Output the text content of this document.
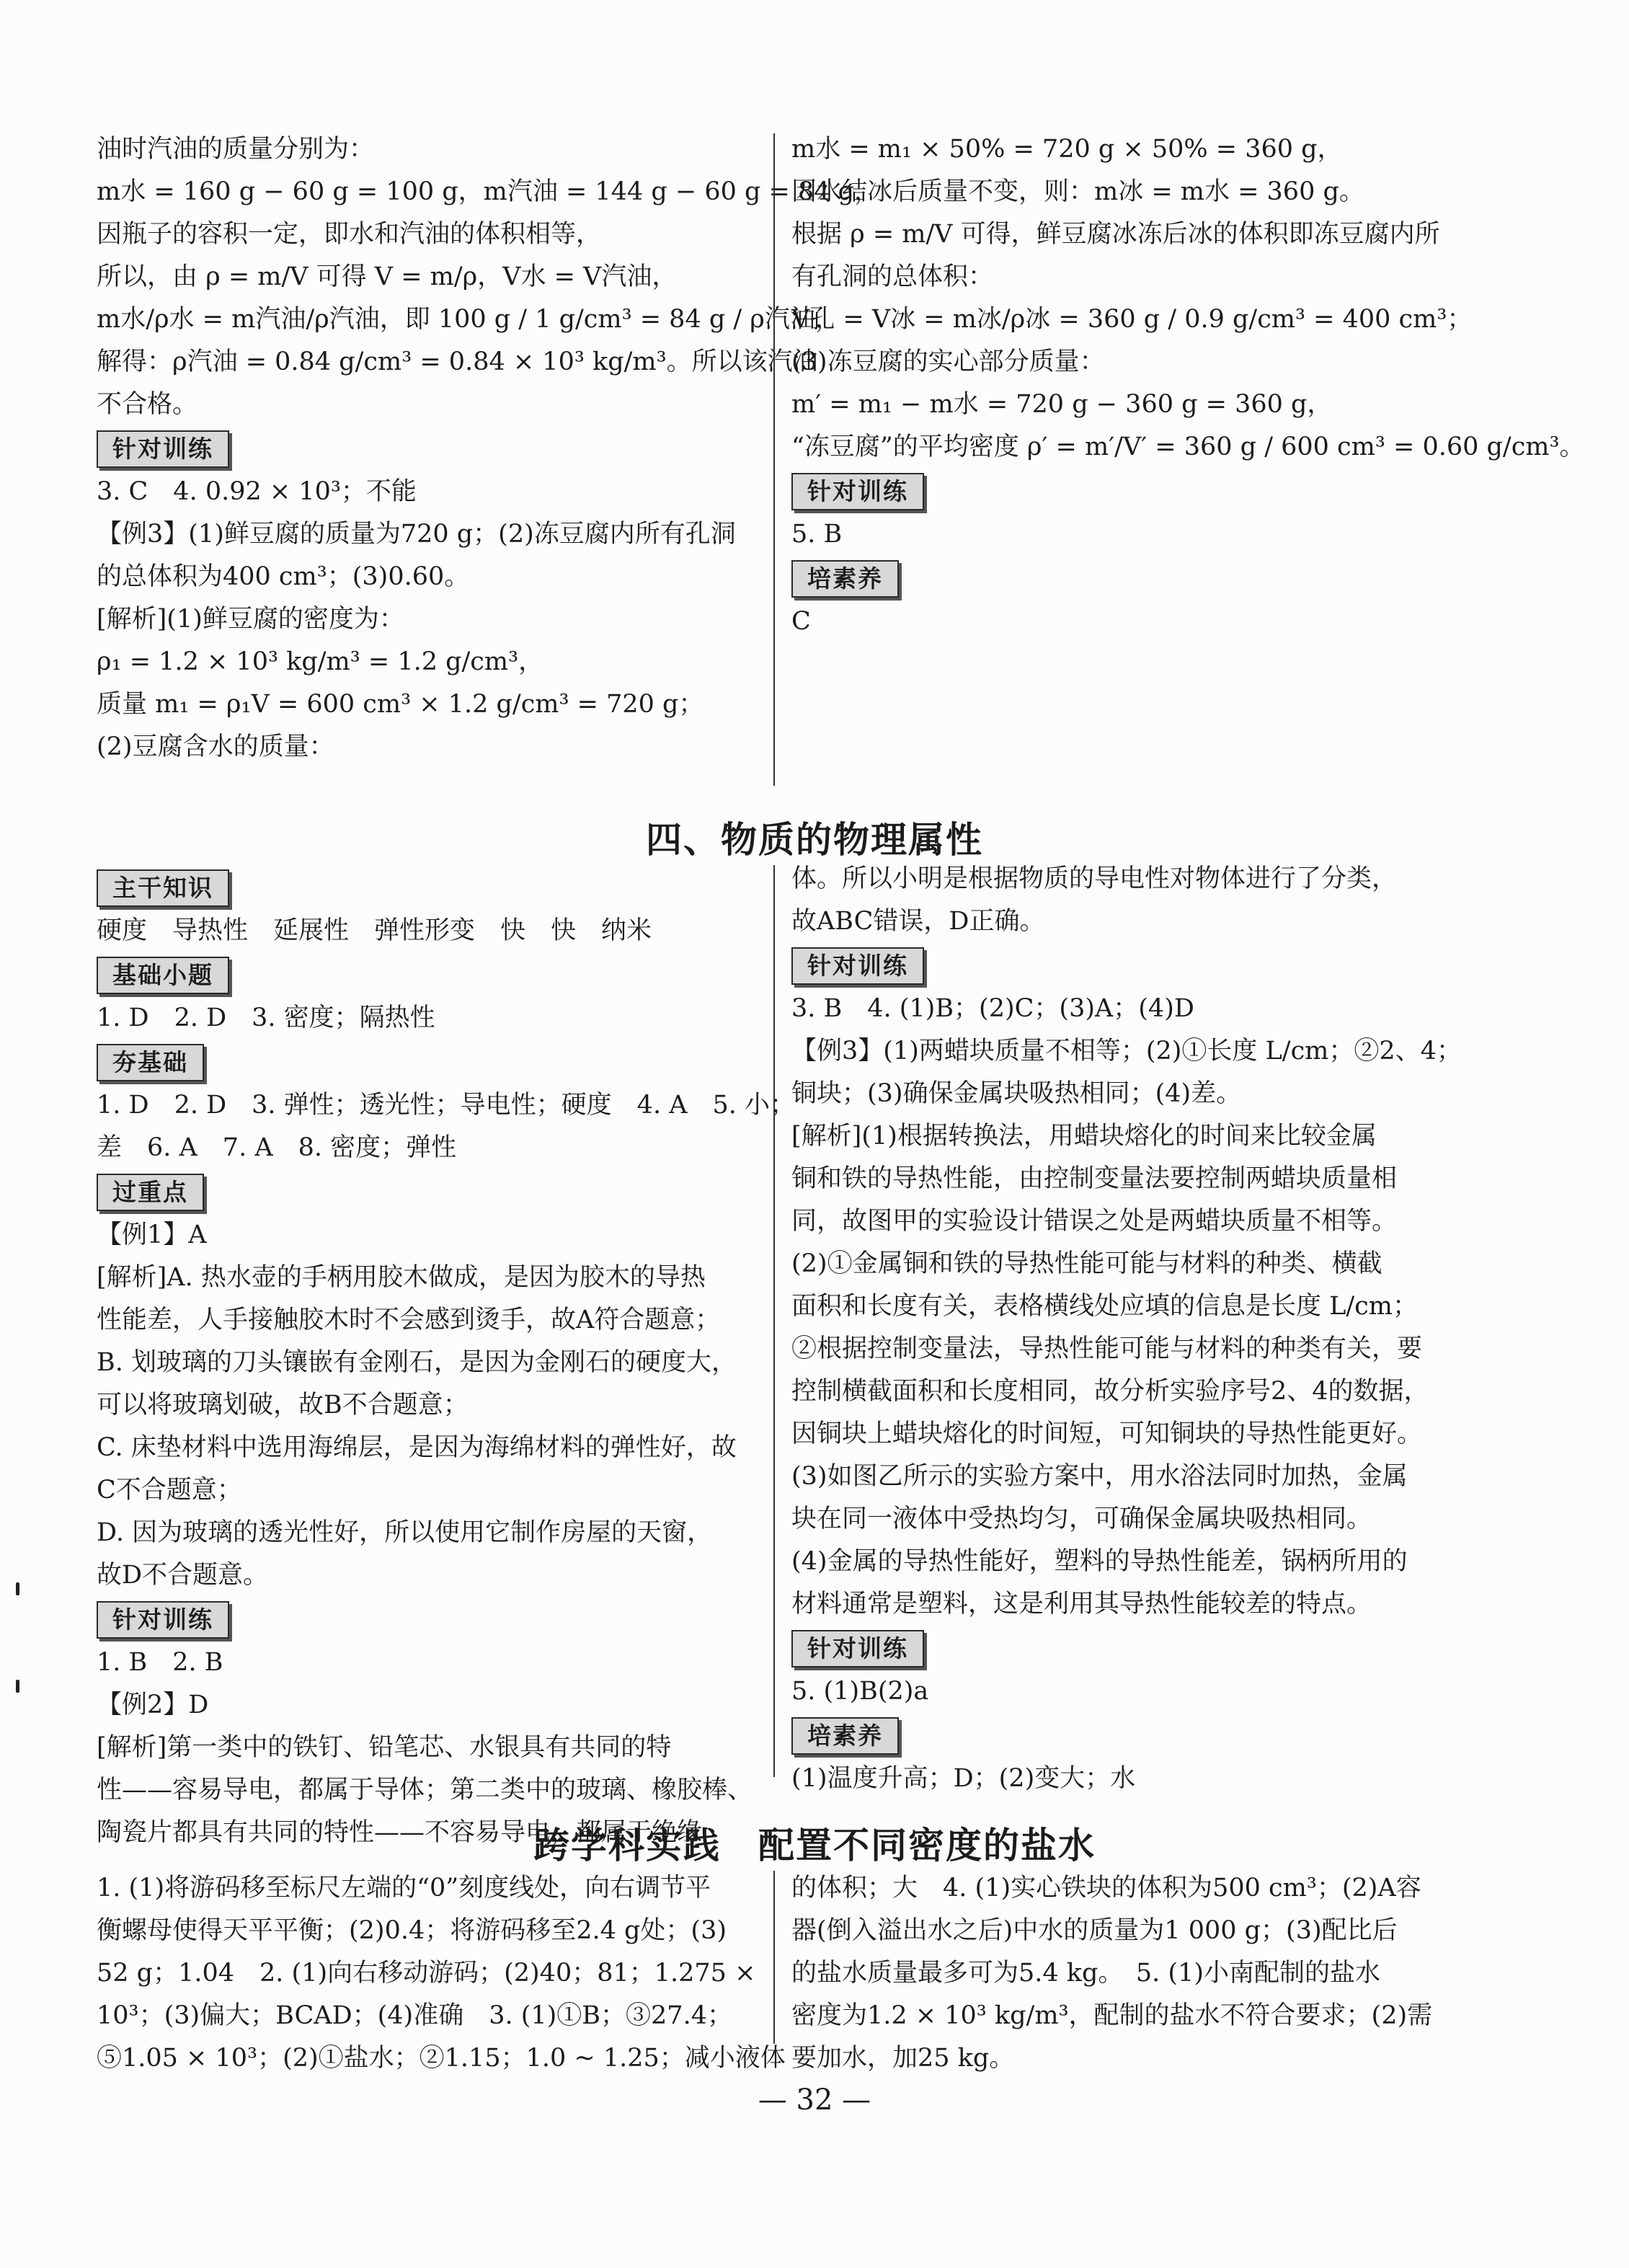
油时汽油的质量分别为：

m水 = 160 g − 60 g = 100 g，m汽油 = 144 g − 60 g = 84 g，

因瓶子的容积一定，即水和汽油的体积相等，

所以，由 ρ = m/V 可得 V = m/ρ，V水 = V汽油，

m水/ρ水 = m汽油/ρ汽油，即 100 g / 1 g/cm³ = 84 g / ρ汽油，

解得：ρ汽油 = 0.84 g/cm³ = 0.84 × 10³ kg/m³。所以该汽油

不合格。

针对训练

3. C　4. 0.92 × 10³；不能

【例3】(1)鲜豆腐的质量为720 g；(2)冻豆腐内所有孔洞

的总体积为400 cm³；(3)0.60。

[解析](1)鲜豆腐的密度为：

ρ₁ = 1.2 × 10³ kg/m³ = 1.2 g/cm³，

质量 m₁ = ρ₁V = 600 cm³ × 1.2 g/cm³ = 720 g；

(2)豆腐含水的质量：

m水 = m₁ × 50% = 720 g × 50% = 360 g，

因水结冰后质量不变，则：m冰 = m水 = 360 g。

根据 ρ = m/V 可得，鲜豆腐冰冻后冰的体积即冻豆腐内所

有孔洞的总体积：

V孔 = V冰 = m冰/ρ冰 = 360 g / 0.9 g/cm³ = 400 cm³；

(3)冻豆腐的实心部分质量：

m′ = m₁ − m水 = 720 g − 360 g = 360 g，

“冻豆腐”的平均密度 ρ′ = m′/V′ = 360 g / 600 cm³ = 0.60 g/cm³。

针对训练

5. B

培素养

C

四、物质的物理属性
主干知识

硬度　导热性　延展性　弹性形变　快　快　纳米

基础小题

1. D　2. D　3. 密度；隔热性

夯基础

1. D　2. D　3. 弹性；透光性；导电性；硬度　4. A　5. 小；

差　6. A　7. A　8. 密度；弹性

过重点

【例1】A

[解析]A. 热水壶的手柄用胶木做成，是因为胶木的导热

性能差，人手接触胶木时不会感到烫手，故A符合题意；

B. 划玻璃的刀头镶嵌有金刚石，是因为金刚石的硬度大，

可以将玻璃划破，故B不合题意；

C. 床垫材料中选用海绵层，是因为海绵材料的弹性好，故

C不合题意；

D. 因为玻璃的透光性好，所以使用它制作房屋的天窗，

故D不合题意。

针对训练

1. B　2. B

【例2】D

[解析]第一类中的铁钉、铅笔芯、水银具有共同的特

性——容易导电，都属于导体；第二类中的玻璃、橡胶棒、

陶瓷片都具有共同的特性——不容易导电，都属于绝缘

体。所以小明是根据物质的导电性对物体进行了分类，

故ABC错误，D正确。

针对训练

3. B　4. (1)B；(2)C；(3)A；(4)D

【例3】(1)两蜡块质量不相等；(2)①长度 L/cm；②2、4；

铜块；(3)确保金属块吸热相同；(4)差。

[解析](1)根据转换法，用蜡块熔化的时间来比较金属

铜和铁的导热性能，由控制变量法要控制两蜡块质量相

同，故图甲的实验设计错误之处是两蜡块质量不相等。

(2)①金属铜和铁的导热性能可能与材料的种类、横截

面积和长度有关，表格横线处应填的信息是长度 L/cm；

②根据控制变量法，导热性能可能与材料的种类有关，要

控制横截面积和长度相同，故分析实验序号2、4的数据，

因铜块上蜡块熔化的时间短，可知铜块的导热性能更好。

(3)如图乙所示的实验方案中，用水浴法同时加热，金属

块在同一液体中受热均匀，可确保金属块吸热相同。

(4)金属的导热性能好，塑料的导热性能差，锅柄所用的

材料通常是塑料，这是利用其导热性能较差的特点。

针对训练

5. (1)B(2)a

培素养

(1)温度升高；D；(2)变大；水

跨学科实践　配置不同密度的盐水

1. (1)将游码移至标尺左端的“0”刻度线处，向右调节平

衡螺母使得天平平衡；(2)0.4；将游码移至2.4 g处；(3)

52 g；1.04　2. (1)向右移动游码；(2)40；81；1.275 ×

10³；(3)偏大；BCAD；(4)准确　3. (1)①B；③27.4；

⑤1.05 × 10³；(2)①盐水；②1.15；1.0 ~ 1.25；减小液体

的体积；大　4. (1)实心铁块的体积为500 cm³；(2)A容

器(倒入溢出水之后)中水的质量为1 000 g；(3)配比后

的盐水质量最多可为5.4 kg。　5. (1)小南配制的盐水

密度为1.2 × 10³ kg/m³，配制的盐水不符合要求；(2)需

要加水，加25 kg。

— 32 —
